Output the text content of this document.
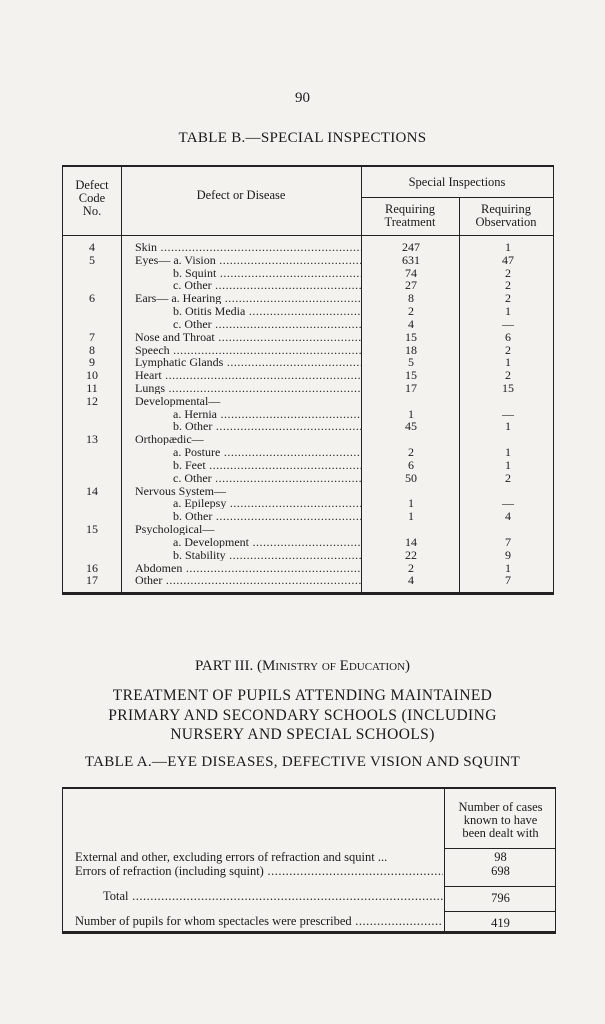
90
TABLE B.—SPECIAL INSPECTIONS
Defect
Code
No.
Defect or Disease
Special Inspections
Requiring
Treatment
Requiring
Observation
4	Skin .....	247	1
5	Eyes— a. Vision .....	631	47
b. Squint .....	74	2
c. Other .....	27	2
6	Ears— a. Hearing .....	8	2
b. Otitis Media .....	2	1
c. Other .....	4	—
7	Nose and Throat .....	15	6
8	Speech .....	18	2
9	Lymphatic Glands .....	5	1
10	Heart .....	15	2
11	Lungs .....	17	15
12	Developmental—
a. Hernia .....	1	—
b. Other .....	45	1
13	Orthopædic—
a. Posture .....	2	1
b. Feet .....	6	1
c. Other .....	50	2
14	Nervous System—
a. Epilepsy .....	1	—
b. Other .....	1	4
15	Psychological—
a. Development .....	14	7
b. Stability .....	22	9
16	Abdomen .....	2	1
17	Other .....	4	7
PART III. (Ministry of Education)
TREATMENT OF PUPILS ATTENDING MAINTAINED
PRIMARY AND SECONDARY SCHOOLS (INCLUDING
NURSERY AND SPECIAL SCHOOLS)
TABLE A.—EYE DISEASES, DEFECTIVE VISION AND SQUINT
Number of cases
known to have
been dealt with
External and other, excluding errors of refraction and squint ...	98
Errors of refraction (including squint) .....	698
Total .....	796
Number of pupils for whom spectacles were prescribed .....	419
